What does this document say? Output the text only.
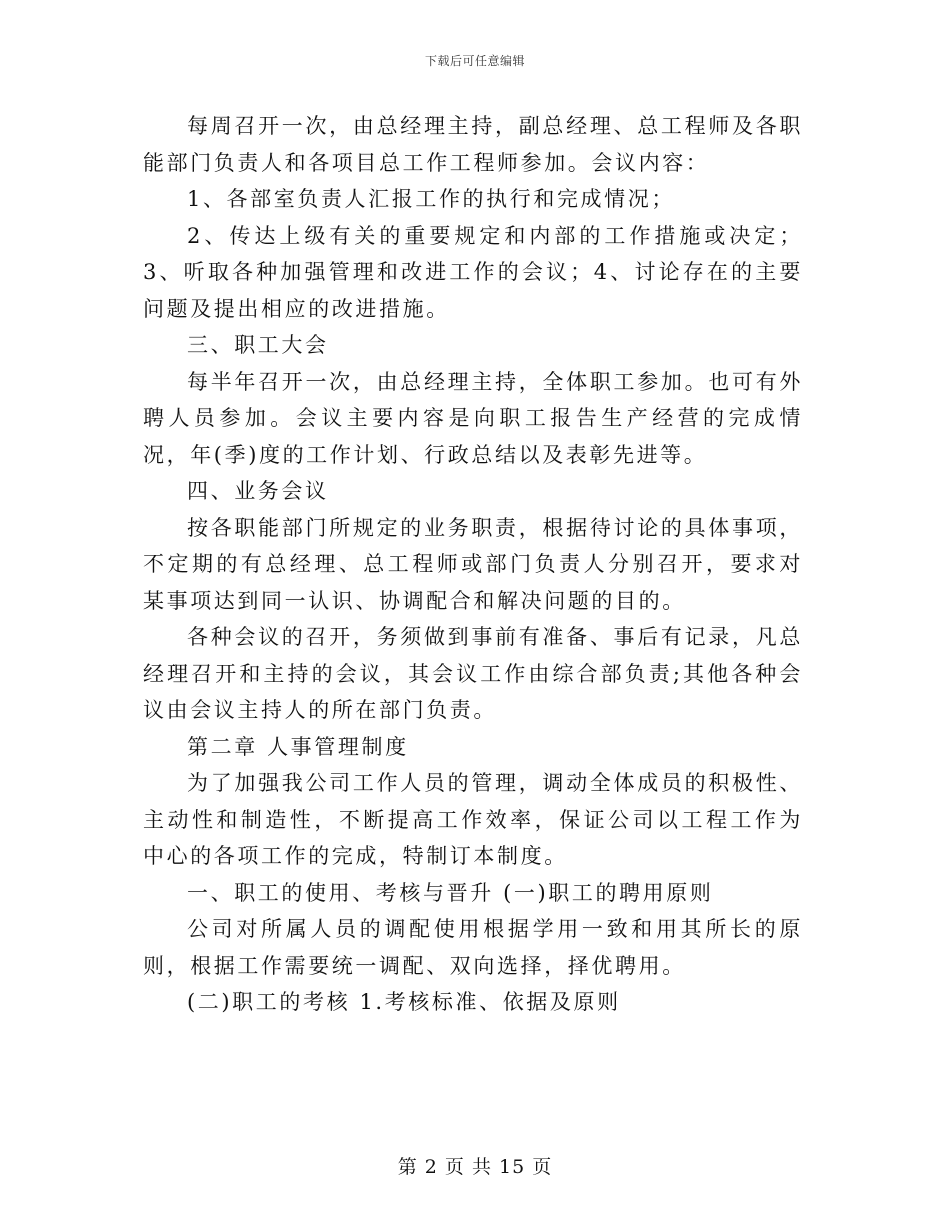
下载后可任意编辑

每周召开一次，由总经理主持，副总经理、总工程师及各职能部门负责人和各项目总工作工程师参加。会议内容：

1、各部室负责人汇报工作的执行和完成情况；

2、传达上级有关的重要规定和内部的工作措施或决定；3、听取各种加强管理和改进工作的会议；4、讨论存在的主要问题及提出相应的改进措施。

三、职工大会

每半年召开一次，由总经理主持，全体职工参加。也可有外聘人员参加。会议主要内容是向职工报告生产经营的完成情况，年(季)度的工作计划、行政总结以及表彰先进等。

四、业务会议

按各职能部门所规定的业务职责，根据待讨论的具体事项，不定期的有总经理、总工程师或部门负责人分别召开，要求对某事项达到同一认识、协调配合和解决问题的目的。

各种会议的召开，务须做到事前有准备、事后有记录，凡总经理召开和主持的会议，其会议工作由综合部负责;其他各种会议由会议主持人的所在部门负责。

第二章 人事管理制度

为了加强我公司工作人员的管理，调动全体成员的积极性、主动性和制造性，不断提高工作效率，保证公司以工程工作为中心的各项工作的完成，特制订本制度。

一、职工的使用、考核与晋升 (一)职工的聘用原则

公司对所属人员的调配使用根据学用一致和用其所长的原则，根据工作需要统一调配、双向选择，择优聘用。

(二)职工的考核 1.考核标准、依据及原则

第 2 页 共 15 页
